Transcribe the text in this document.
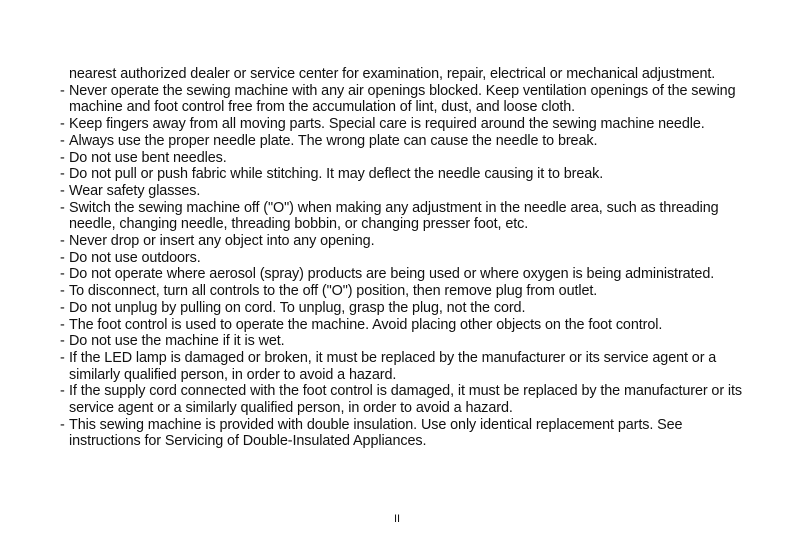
nearest authorized dealer or service center for examination, repair, electrical or mechanical adjustment.

- Never operate the sewing machine with any air openings blocked. Keep ventilation openings of the sewing machine and foot control free from the accumulation of lint, dust, and loose cloth.
- Keep fingers away from all moving parts. Special care is required around the sewing machine needle.
- Always use the proper needle plate. The wrong plate can cause the needle to break.
- Do not use bent needles.
- Do not pull or push fabric while stitching. It may deflect the needle causing it to break.
- Wear safety glasses.
- Switch the sewing machine off ("O") when making any adjustment in the needle area, such as threading needle, changing needle, threading bobbin, or changing presser foot, etc.
- Never drop or insert any object into any opening.
- Do not use outdoors.
- Do not operate where aerosol (spray) products are being used or where oxygen is being administrated.
- To disconnect, turn all controls to the off ("O") position, then remove plug from outlet.
- Do not unplug by pulling on cord. To unplug, grasp the plug, not the cord.
- The foot control is used to operate the machine. Avoid placing other objects on the foot control.
- Do not use the machine if it is wet.
- If the LED lamp is damaged or broken, it must be replaced by the manufacturer or its service agent or a similarly qualified person, in order to avoid a hazard.
- If the supply cord connected with the foot control is damaged, it must be replaced by the manufacturer or its service agent or a similarly qualified person, in order to avoid a hazard.
- This sewing machine is provided with double insulation. Use only identical replacement parts. See instructions for Servicing of Double-Insulated Appliances.
II
